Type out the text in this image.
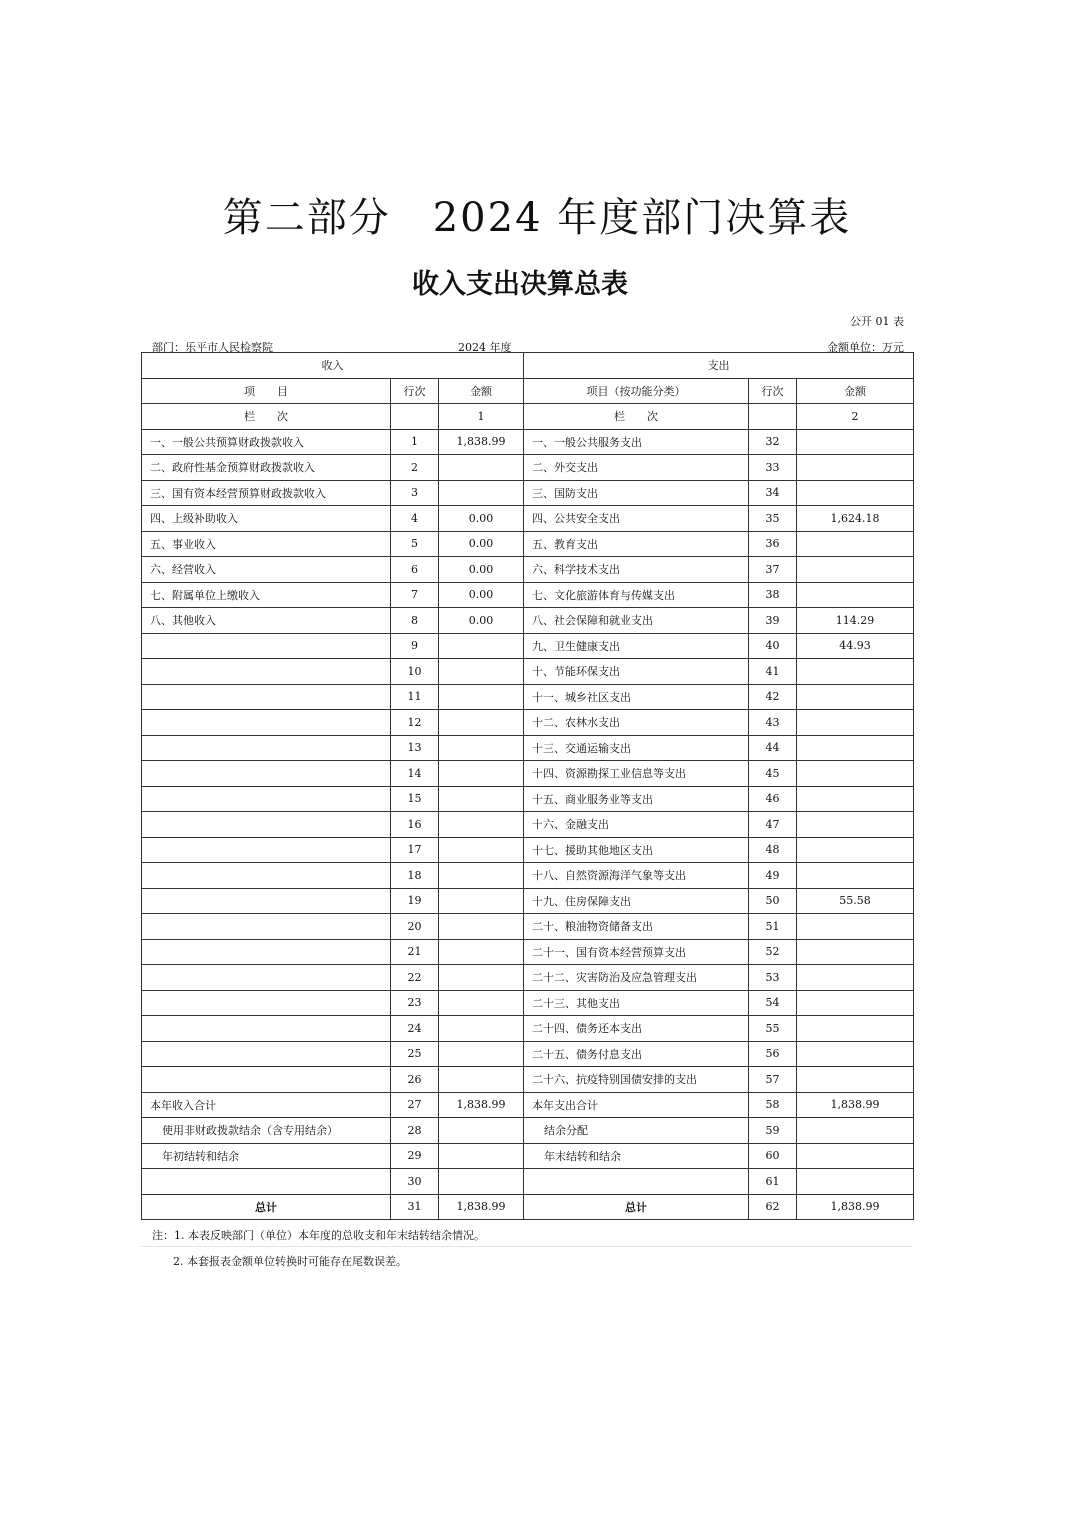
第二部分　2024 年度部门决算表
收入支出决算总表
公开 01 表
部门：乐平市人民检察院	2024 年度	金额单位：万元
收入			支出		
项　　目	行次	金额	项目（按功能分类）	行次	金额
栏　　次		1	栏　　次		2
一、一般公共预算财政拨款收入	1	1,838.99	一、一般公共服务支出	32	
二、政府性基金预算财政拨款收入	2		二、外交支出	33	
三、国有资本经营预算财政拨款收入	3		三、国防支出	34	
四、上级补助收入	4	0.00	四、公共安全支出	35	1,624.18
五、事业收入	5	0.00	五、教育支出	36	
六、经营收入	6	0.00	六、科学技术支出	37	
七、附属单位上缴收入	7	0.00	七、文化旅游体育与传媒支出	38	
八、其他收入	8	0.00	八、社会保障和就业支出	39	114.29
	9		九、卫生健康支出	40	44.93
	10		十、节能环保支出	41	
	11		十一、城乡社区支出	42	
	12		十二、农林水支出	43	
	13		十三、交通运输支出	44	
	14		十四、资源勘探工业信息等支出	45	
	15		十五、商业服务业等支出	46	
	16		十六、金融支出	47	
	17		十七、援助其他地区支出	48	
	18		十八、自然资源海洋气象等支出	49	
	19		十九、住房保障支出	50	55.58
	20		二十、粮油物资储备支出	51	
	21		二十一、国有资本经营预算支出	52	
	22		二十二、灾害防治及应急管理支出	53	
	23		二十三、其他支出	54	
	24		二十四、债务还本支出	55	
	25		二十五、债务付息支出	56	
	26		二十六、抗疫特别国债安排的支出	57	
本年收入合计	27	1,838.99	本年支出合计	58	1,838.99
使用非财政拨款结余（含专用结余）	28		结余分配	59	
年初结转和结余	29		年末结转和结余	60	
	30			61	
总计	31	1,838.99	总计	62	1,838.99
注：1. 本表反映部门（单位）本年度的总收支和年末结转结余情况。
2. 本套报表金额单位转换时可能存在尾数误差。
